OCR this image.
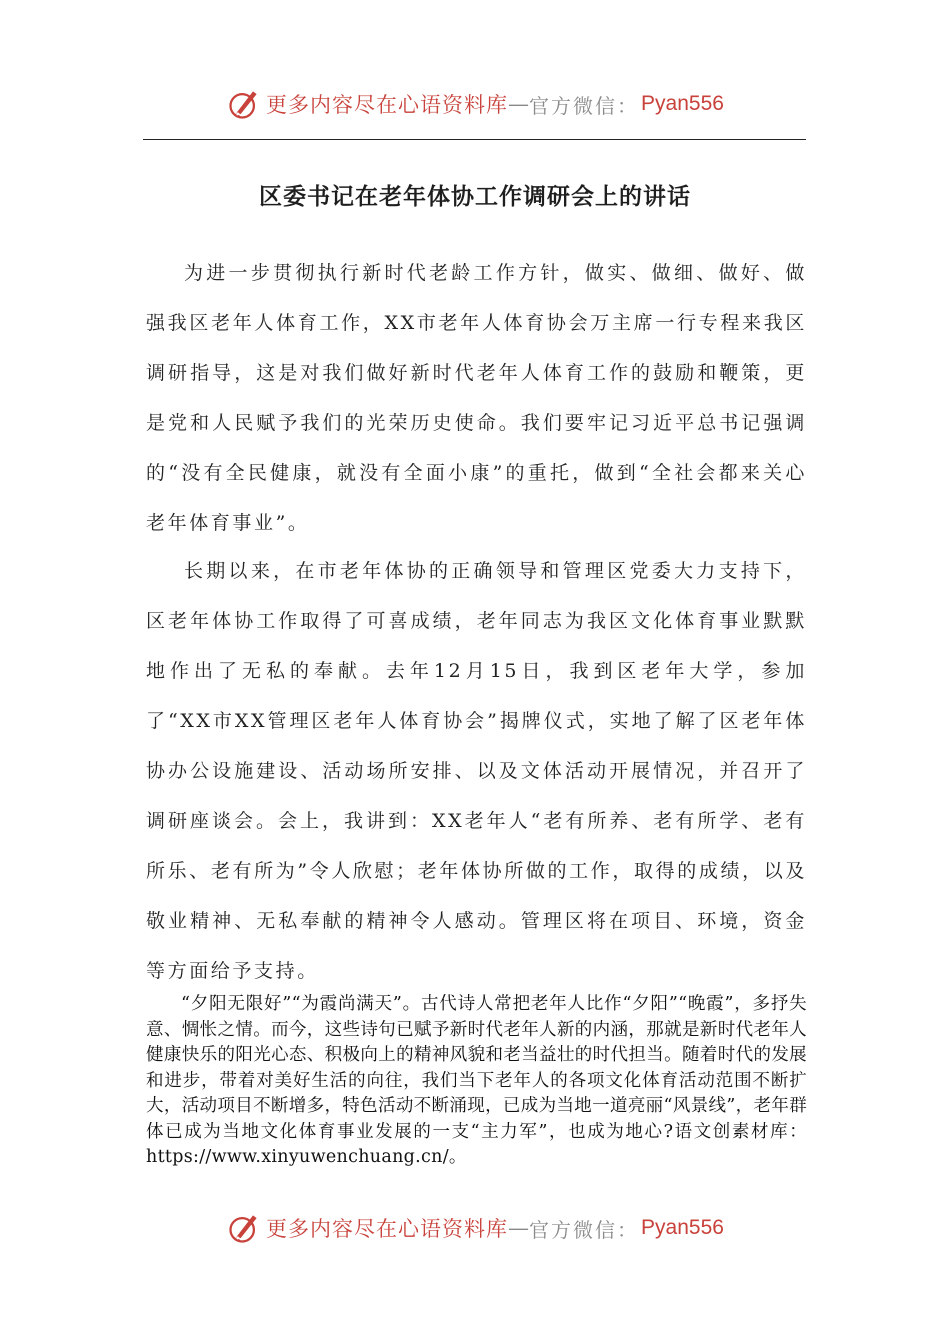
更多内容尽在心语资料库 — 官方微信： Pyan556
区委书记在老年体协工作调研会上的讲话

为进一步贯彻执行新时代老龄工作方针，做实、做细、做好、做强我区老年人体育工作，XX市老年人体育协会万主席一行专程来我区调研指导，这是对我们做好新时代老年人体育工作的鼓励和鞭策，更是党和人民赋予我们的光荣历史使命。我们要牢记习近平总书记强调的“没有全民健康，就没有全面小康”的重托，做到“全社会都来关心老年体育事业”。

长期以来，在市老年体协的正确领导和管理区党委大力支持下，区老年体协工作取得了可喜成绩，老年同志为我区文化体育事业默默地作出了无私的奉献。去年12月15日，我到区老年大学，参加了“XX市XX管理区老年人体育协会”揭牌仪式，实地了解了区老年体协办公设施建设、活动场所安排、以及文体活动开展情况，并召开了调研座谈会。会上，我讲到：XX老年人“老有所养、老有所学、老有所乐、老有所为”令人欣慰；老年体协所做的工作，取得的成绩，以及敬业精神、无私奉献的精神令人感动。管理区将在项目、环境，资金等方面给予支持。

“夕阳无限好”“为霞尚满天”。古代诗人常把老年人比作“夕阳”“晚霞”，多抒失意、惆怅之情。而今，这些诗句已赋予新时代老年人新的内涵，那就是新时代老年人健康快乐的阳光心态、积极向上的精神风貌和老当益壮的时代担当。随着时代的发展和进步，带着对美好生活的向往，我们当下老年人的各项文化体育活动范围不断扩大，活动项目不断增多，特色活动不断涌现，已成为当地一道亮丽“风景线”，老年群体已成为当地文化体育事业发展的一支“主力军”，也成为地心?语文创素材库：https://www.xinyuwenchuang.cn/。

更多内容尽在心语资料库 — 官方微信： Pyan556
